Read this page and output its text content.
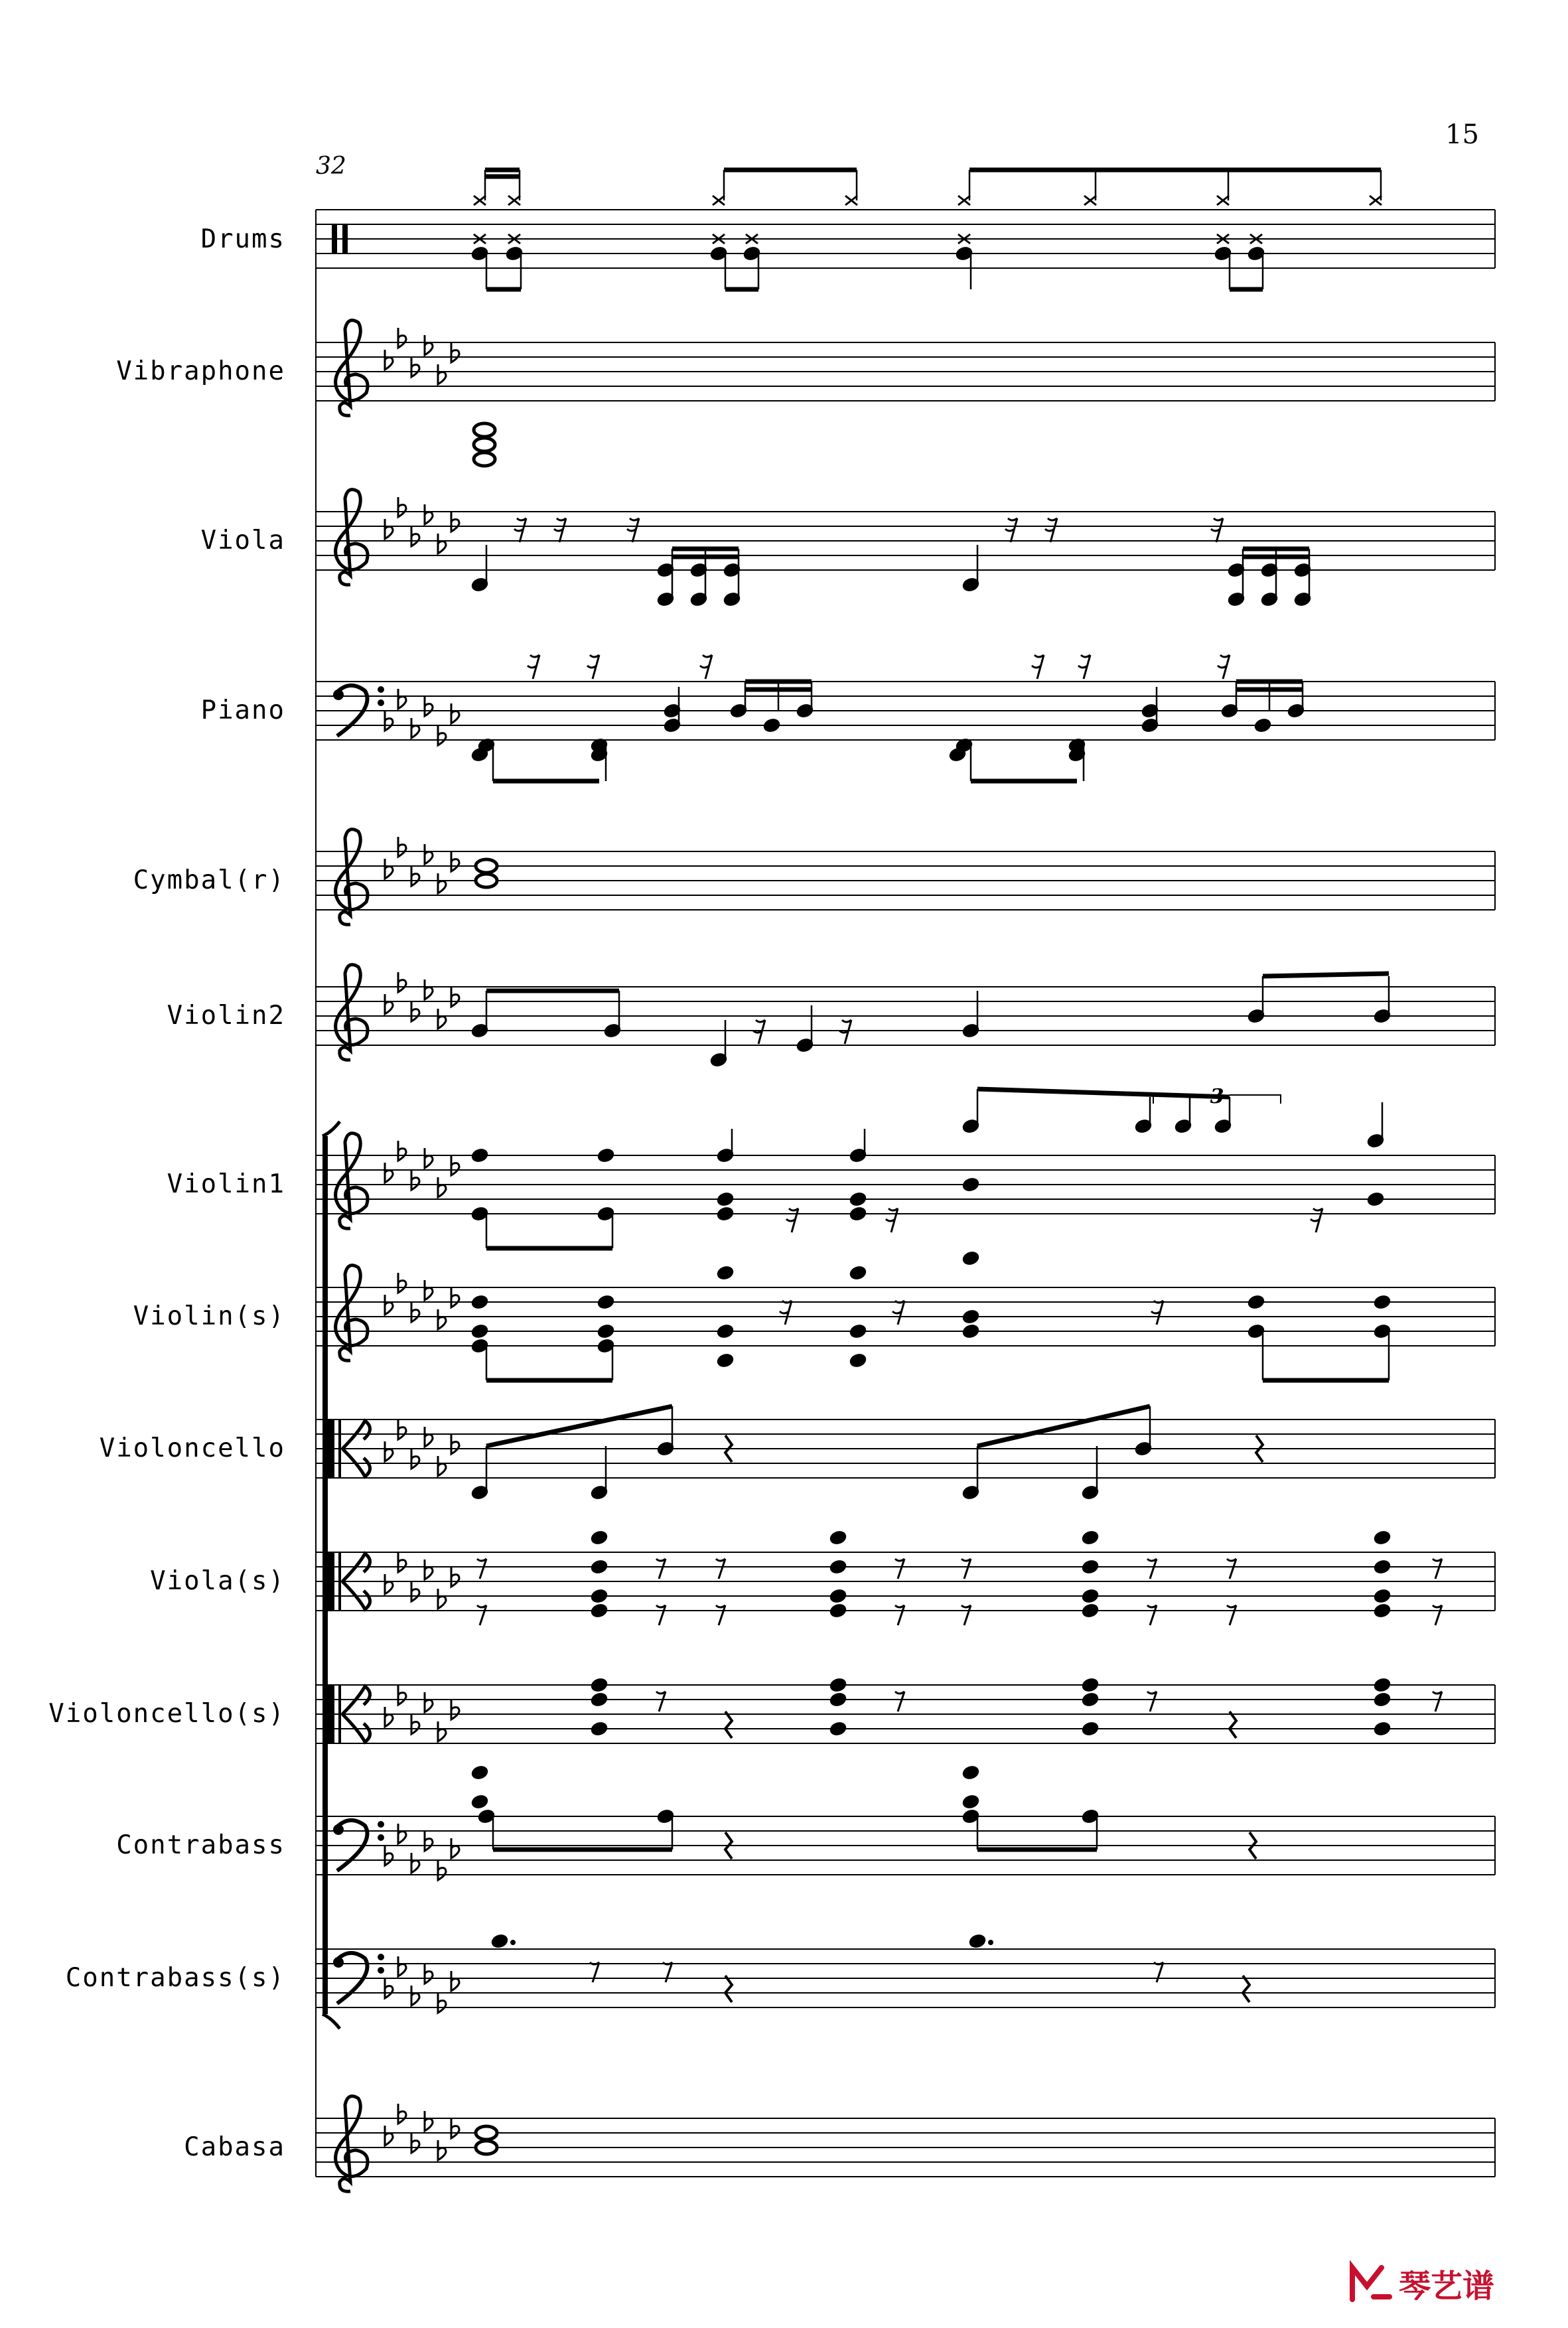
15
32
Drums
Vibraphone
Viola
Piano
Cymbal(r)
Violin2
Violin1
Violin(s)
Violoncello
Viola(s)
Violoncello(s)
Contrabass
Contrabass(s)
Cabasa
3
琴艺谱
